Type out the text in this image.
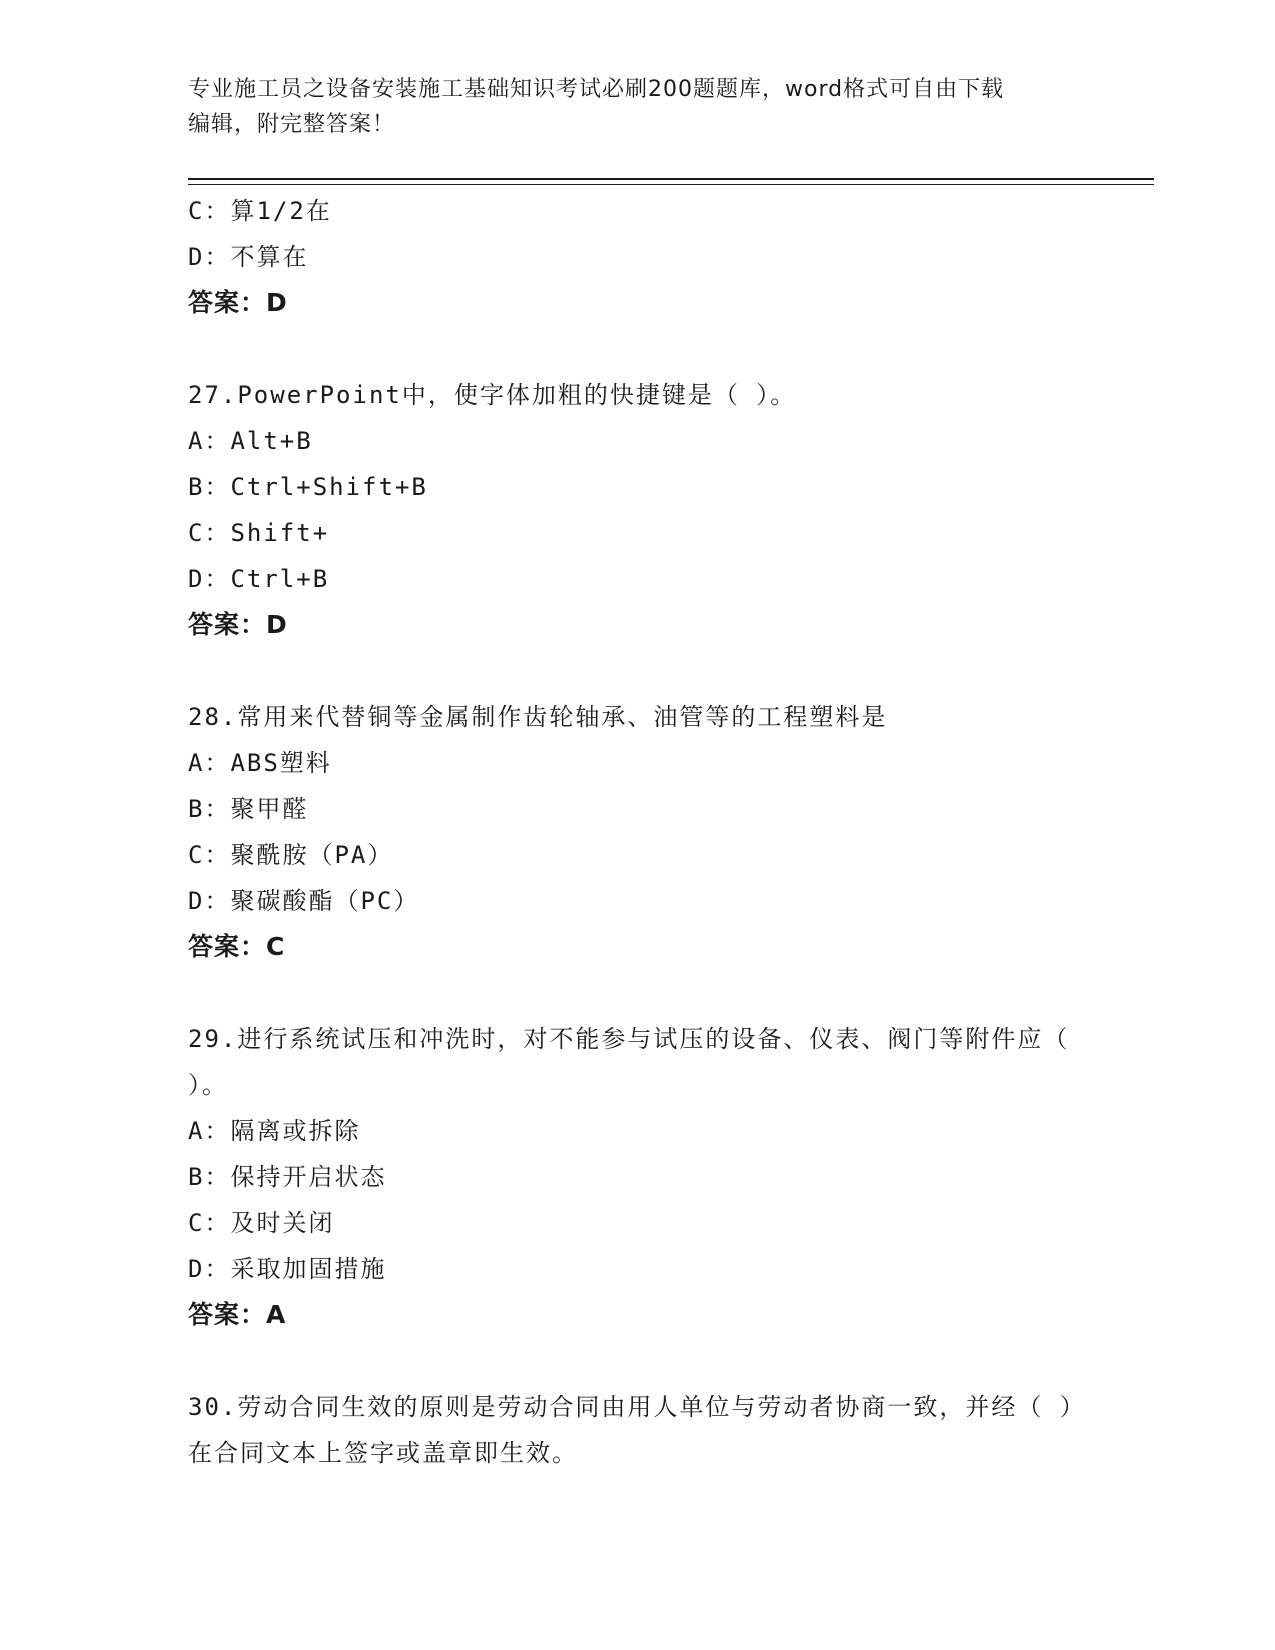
专业施工员之设备安装施工基础知识考试必刷200题题库，word格式可自由下载
编辑，附完整答案！
C：算1/2在
D：不算在
答案：D
27.PowerPoint中，使字体加粗的快捷键是（ ）。
A：Alt+B
B：Ctrl+Shift+B
C：Shift+
D：Ctrl+B
答案：D
28.常用来代替铜等金属制作齿轮轴承、油管等的工程塑料是
A：ABS塑料
B：聚甲醛
C：聚酰胺（PA）
D：聚碳酸酯（PC）
答案：C
29.进行系统试压和冲洗时，对不能参与试压的设备、仪表、阀门等附件应（ ）。
A：隔离或拆除
B：保持开启状态
C：及时关闭
D：采取加固措施
答案：A
30.劳动合同生效的原则是劳动合同由用人单位与劳动者协商一致，并经（ ）在合同文本上签字或盖章即生效。
